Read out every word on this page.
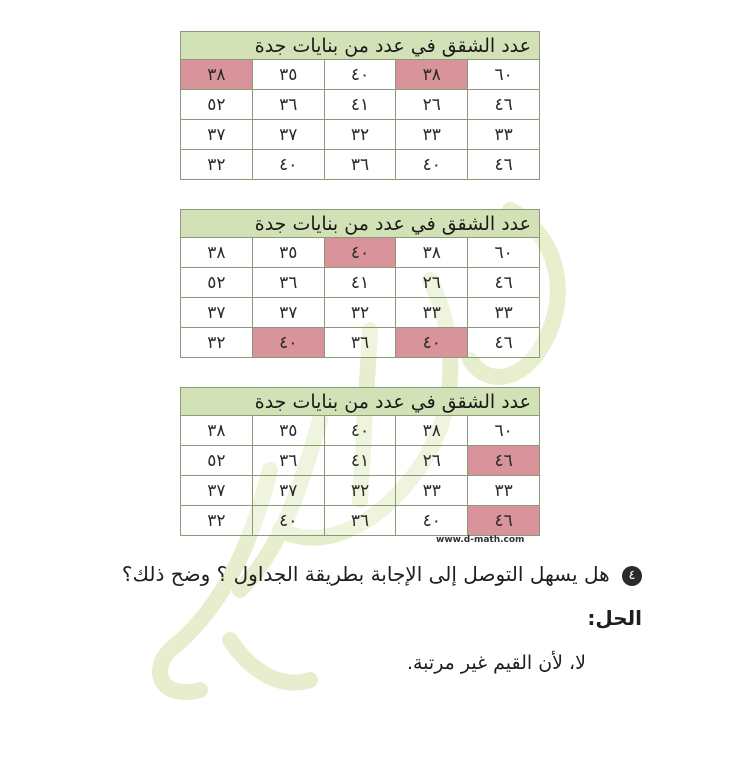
عدد الشقق في عدد من بنايات جدة				
٦٠	٣٨	٤٠	٣٥	٣٨
٤٦	٢٦	٤١	٣٦	٥٢
٣٣	٣٣	٣٢	٣٧	٣٧
٤٦	٤٠	٣٦	٤٠	٣٢
عدد الشقق في عدد من بنايات جدة				
٦٠	٣٨	٤٠	٣٥	٣٨
٤٦	٢٦	٤١	٣٦	٥٢
٣٣	٣٣	٣٢	٣٧	٣٧
٤٦	٤٠	٣٦	٤٠	٣٢
عدد الشقق في عدد من بنايات جدة				
٦٠	٣٨	٤٠	٣٥	٣٨
٤٦	٢٦	٤١	٣٦	٥٢
٣٣	٣٣	٣٢	٣٧	٣٧
٤٦	٤٠	٣٦	٤٠	٣٢
www.d-math.com
٤ هل يسهل التوصل إلى الإجابة بطريقة الجداول ؟ وضح ذلك؟
الحل:
لا، لأن القيم غير مرتبة.
